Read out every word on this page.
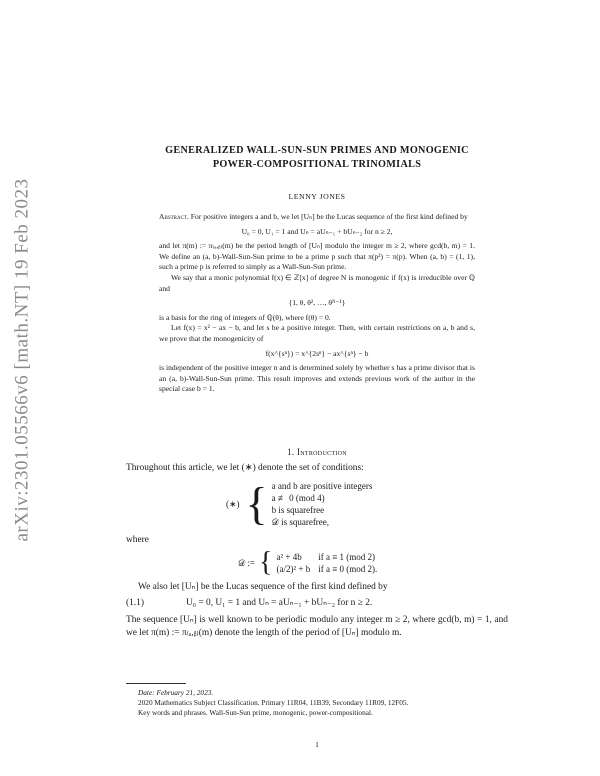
arXiv:2301.05566v6 [math.NT] 19 Feb 2023
GENERALIZED WALL-SUN-SUN PRIMES AND MONOGENIC
POWER-COMPOSITIONAL TRINOMIALS
LENNY JONES

Abstract. For positive integers a and b, we let [Uₙ] be the Lucas sequence of the first kind defined by

U₀ = 0, U₁ = 1 and Uₙ = aUₙ₋₁ + bUₙ₋₂ for n ≥ 2,

and let π(m) := π₍ₐ,ᵦ₎(m) be the period length of [Uₙ] modulo the integer m ≥ 2, where gcd(b, m) = 1. We define an (a, b)-Wall-Sun-Sun prime to be a prime p such that π(p²) = π(p). When (a, b) = (1, 1), such a prime p is referred to simply as a Wall-Sun-Sun prime.

We say that a monic polynomial f(x) ∈ ℤ[x] of degree N is monogenic if f(x) is irreducible over ℚ and

{1, θ, θ², …, θᴺ⁻¹}

is a basis for the ring of integers of ℚ(θ), where f(θ) = 0.

Let f(x) = x² − ax − b, and let s be a positive integer. Then, with certain restrictions on a, b and s, we prove that the monogenicity of

f(x^{sⁿ}) = x^{2sⁿ} − ax^{sⁿ} − b

is independent of the positive integer n and is determined solely by whether s has a prime divisor that is an (a, b)-Wall-Sun-Sun prime. This result improves and extends previous work of the author in the special case b = 1.

1. Introduction

Throughout this article, we let (∗) denote the set of conditions:

(∗) { a and b are positive integers
a ≢ 0 (mod 4)
b is squarefree
𝒟 is squarefree,

where

𝒟 := { a² + 4b	if a ≡ 1 (mod 2)
(a/2)² + b	if a ≡ 0 (mod 2).

We also let [Uₙ] be the Lucas sequence of the first kind defined by

(1.1)	U₀ = 0, U₁ = 1 and Uₙ = aUₙ₋₁ + bUₙ₋₂ for n ≥ 2.

The sequence [Uₙ] is well known to be periodic modulo any integer m ≥ 2, where gcd(b, m) = 1, and we let π(m) := π₍ₐ,ᵦ₎(m) denote the length of the period of [Uₙ] modulo m.

Date: February 21, 2023.

2020 Mathematics Subject Classification. Primary 11R04, 11B39, Secondary 11R09, 12F05.

Key words and phrases. Wall-Sun-Sun prime, monogenic, power-compositional.

1
